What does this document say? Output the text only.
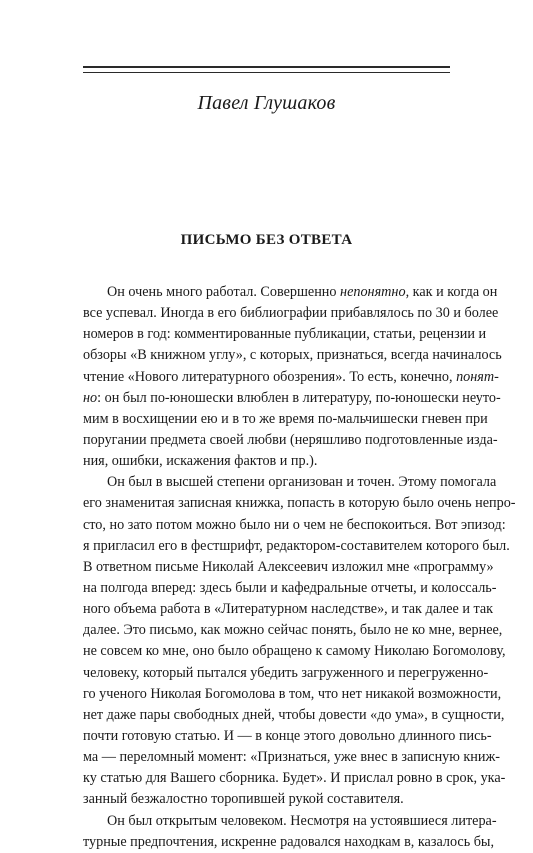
Павел Глушаков
ПИСЬМО БЕЗ ОТВЕТА
Он очень много работал. Совершенно непонятно, как и когда он
все успевал. Иногда в его библиографии прибавлялось по 30 и более
номеров в год: комментированные публикации, статьи, рецензии и
обзоры «В книжном углу», с которых, признаться, всегда начиналось
чтение «Нового литературного обозрения». То есть, конечно, понят-
но: он был по-юношески влюблен в литературу, по-юношески неуто-
мим в восхищении ею и в то же время по-мальчишески гневен при
поругании предмета своей любви (неряшливо подготовленные изда-
ния, ошибки, искажения фактов и пр.).
Он был в высшей степени организован и точен. Этому помогала
его знаменитая записная книжка, попасть в которую было очень непро-
сто, но зато потом можно было ни о чем не беспокоиться. Вот эпизод:
я пригласил его в фестшрифт, редактором-составителем которого был.
В ответном письме Николай Алексеевич изложил мне «программу»
на полгода вперед: здесь были и кафедральные отчеты, и колоссаль-
ного объема работа в «Литературном наследстве», и так далее и так
далее. Это письмо, как можно сейчас понять, было не ко мне, вернее,
не совсем ко мне, оно было обращено к самому Николаю Богомолову,
человеку, который пытался убедить загруженного и перегруженно-
го ученого Николая Богомолова в том, что нет никакой возможности,
нет даже пары свободных дней, чтобы довести «до ума», в сущности,
почти готовую статью. И — в конце этого довольно длинного пись-
ма — переломный момент: «Признаться, уже внес в записную книж-
ку статью для Вашего сборника. Будет». И прислал ровно в срок, ука-
занный безжалостно торопившей рукой составителя.
Он был открытым человеком. Несмотря на устоявшиеся литера-
турные предпочтения, искренне радовался находкам в, казалось бы,
